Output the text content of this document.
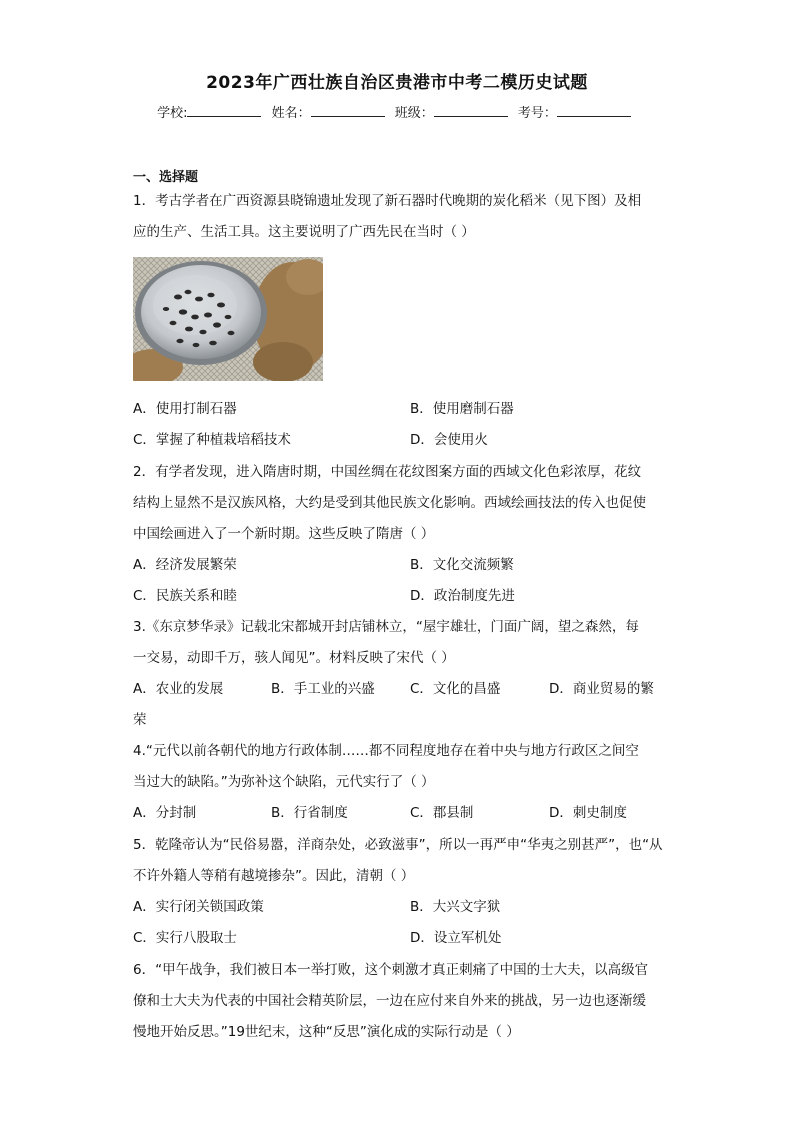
2023年广西壮族自治区贵港市中考二模历史试题
学校:	姓名：	班级：	考号：
一、选择题
1．考古学者在广西资源县晓锦遗址发现了新石器时代晚期的炭化稻米（见下图）及相
应的生产、生活工具。这主要说明了广西先民在当时（ ）
A．使用打制石器	B．使用磨制石器
C．掌握了种植栽培稻技术	D．会使用火
2．有学者发现，进入隋唐时期，中国丝绸在花纹图案方面的西域文化色彩浓厚，花纹
结构上显然不是汉族风格，大约是受到其他民族文化影响。西域绘画技法的传入也促使
中国绘画进入了一个新时期。这些反映了隋唐（ ）
A．经济发展繁荣	B．文化交流频繁
C．民族关系和睦	D．政治制度先进
3.《东京梦华录》记载北宋都城开封店铺林立，“屋宇雄壮，门面广阔，望之森然，每
一交易，动即千万，骇人闻见”。材料反映了宋代（ ）
A．农业的发展	B．手工业的兴盛	C．文化的昌盛	D．商业贸易的繁
荣
4.“元代以前各朝代的地方行政体制……都不同程度地存在着中央与地方行政区之间空
当过大的缺陷。”为弥补这个缺陷，元代实行了（ ）
A．分封制	B．行省制度	C．郡县制	D．刺史制度
5．乾隆帝认为“民俗易嚣，洋商杂处，必致滋事”，所以一再严申“华夷之别甚严”，也“从
不许外籍人等稍有越境掺杂”。因此，清朝（ ）
A．实行闭关锁国政策	B．大兴文字狱
C．实行八股取士	D．设立军机处
6．“甲午战争，我们被日本一举打败，这个刺激才真正刺痛了中国的士大夫，以高级官
僚和士大夫为代表的中国社会精英阶层，一边在应付来自外来的挑战，另一边也逐渐缓
慢地开始反思。”19世纪末，这种“反思”演化成的实际行动是（ ）
